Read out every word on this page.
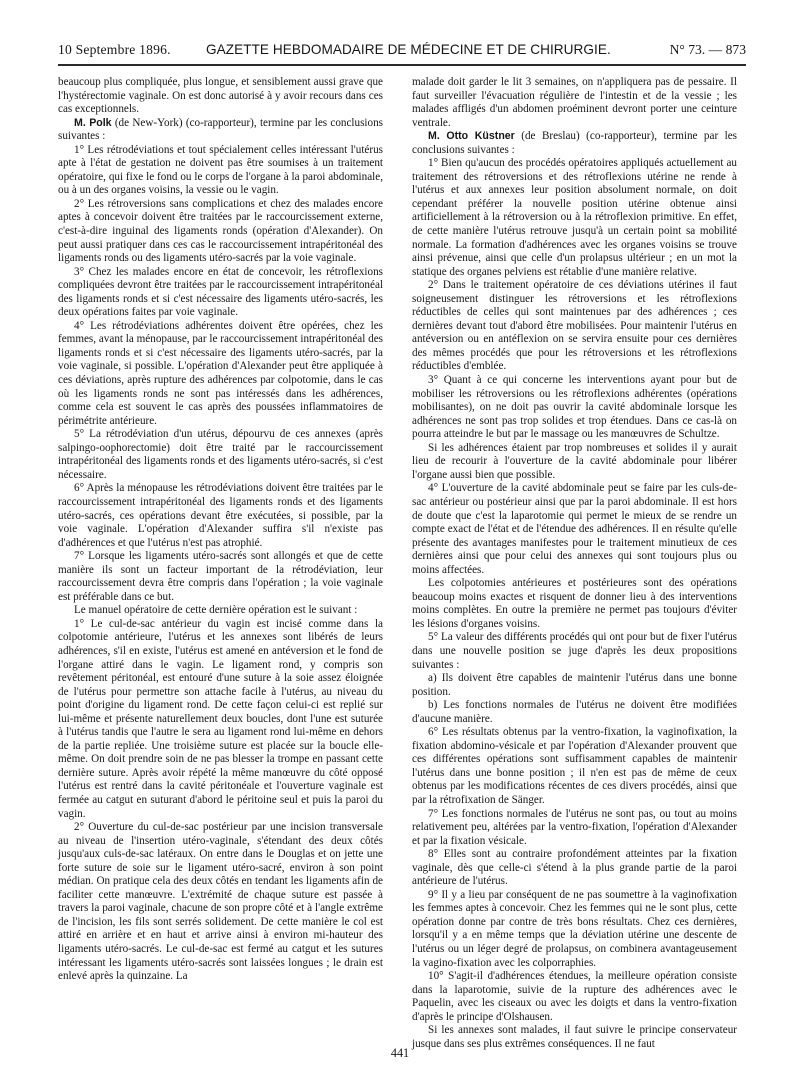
10 Septembre 1896.	GAZETTE HEBDOMADAIRE DE MÉDECINE ET DE CHIRURGIE.	N° 73. — 873

beaucoup plus compliquée, plus longue, et sensiblement aussi grave que l'hystérectomie vaginale. On est donc autorisé à y avoir recours dans ces cas exceptionnels.

M. Polk (de New-York) (co-rapporteur), termine par les conclusions suivantes :

1° Les rétrodéviations et tout spécialement celles intéressant l'utérus apte à l'état de gestation ne doivent pas être soumises à un traitement opératoire, qui fixe le fond ou le corps de l'organe à la paroi abdominale, ou à un des organes voisins, la vessie ou le vagin.

2° Les rétroversions sans complications et chez des malades encore aptes à concevoir doivent être traitées par le raccourcissement externe, c'est-à-dire inguinal des ligaments ronds (opération d'Alexander). On peut aussi pratiquer dans ces cas le raccourcissement intrapéritonéal des ligaments ronds ou des ligaments utéro-sacrés par la voie vaginale.

3° Chez les malades encore en état de concevoir, les rétroflexions compliquées devront être traitées par le raccourcissement intrapéritonéal des ligaments ronds et si c'est nécessaire des ligaments utéro-sacrés, les deux opérations faites par voie vaginale.

4° Les rétrodéviations adhérentes doivent être opérées, chez les femmes, avant la ménopause, par le raccourcissement intrapéritonéal des ligaments ronds et si c'est nécessaire des ligaments utéro-sacrés, par la voie vaginale, si possible. L'opération d'Alexander peut être appliquée à ces déviations, après rupture des adhérences par colpotomie, dans le cas où les ligaments ronds ne sont pas intéressés dans les adhérences, comme cela est souvent le cas après des poussées inflammatoires de périmétrite antérieure.

5° La rétrodéviation d'un utérus, dépourvu de ces annexes (après salpingo-oophorectomie) doit être traité par le raccourcissement intrapéritonéal des ligaments ronds et des ligaments utéro-sacrés, si c'est nécessaire.

6° Après la ménopause les rétrodéviations doivent être traitées par le raccourcissement intrapéritonéal des ligaments ronds et des ligaments utéro-sacrés, ces opérations devant être exécutées, si possible, par la voie vaginale. L'opération d'Alexander suffira s'il n'existe pas d'adhérences et que l'utérus n'est pas atrophié.

7° Lorsque les ligaments utéro-sacrés sont allongés et que de cette manière ils sont un facteur important de la rétrodéviation, leur raccourcissement devra être compris dans l'opération ; la voie vaginale est préférable dans ce but.

Le manuel opératoire de cette dernière opération est le suivant :

1° Le cul-de-sac antérieur du vagin est incisé comme dans la colpotomie antérieure, l'utérus et les annexes sont libérés de leurs adhérences, s'il en existe, l'utérus est amené en antéversion et le fond de l'organe attiré dans le vagin. Le ligament rond, y compris son revêtement péritonéal, est entouré d'une suture à la soie assez éloignée de l'utérus pour permettre son attache facile à l'utérus, au niveau du point d'origine du ligament rond. De cette façon celui-ci est replié sur lui-même et présente naturellement deux boucles, dont l'une est suturée à l'utérus tandis que l'autre le sera au ligament rond lui-même en dehors de la partie repliée. Une troisième suture est placée sur la boucle elle-même. On doit prendre soin de ne pas blesser la trompe en passant cette dernière suture. Après avoir répété la même manœuvre du côté opposé l'utérus est rentré dans la cavité péritonéale et l'ouverture vaginale est fermée au catgut en suturant d'abord le péritoine seul et puis la paroi du vagin.

2° Ouverture du cul-de-sac postérieur par une incision transversale au niveau de l'insertion utéro-vaginale, s'étendant des deux côtés jusqu'aux culs-de-sac latéraux. On entre dans le Douglas et on jette une forte suture de soie sur le ligament utéro-sacré, environ à son point médian. On pratique cela des deux côtés en tendant les ligaments afin de faciliter cette manœuvre. L'extrémité de chaque suture est passée à travers la paroi vaginale, chacune de son propre côté et à l'angle extrême de l'incision, les fils sont serrés solidement. De cette manière le col est attiré en arrière et en haut et arrive ainsi à environ mi-hauteur des ligaments utéro-sacrés. Le cul-de-sac est fermé au catgut et les sutures intéressant les ligaments utéro-sacrés sont laissées longues ; le drain est enlevé après la quinzaine. La

malade doit garder le lit 3 semaines, on n'appliquera pas de pessaire. Il faut surveiller l'évacuation régulière de l'intestin et de la vessie ; les malades affligés d'un abdomen proéminent devront porter une ceinture ventrale.

M. Otto Küstner (de Breslau) (co-rapporteur), termine par les conclusions suivantes :

1° Bien qu'aucun des procédés opératoires appliqués actuellement au traitement des rétroversions et des rétroflexions utérine ne rende à l'utérus et aux annexes leur position absolument normale, on doit cependant préférer la nouvelle position utérine obtenue ainsi artificiellement à la rétroversion ou à la rétroflexion primitive. En effet, de cette manière l'utérus retrouve jusqu'à un certain point sa mobilité normale. La formation d'adhérences avec les organes voisins se trouve ainsi prévenue, ainsi que celle d'un prolapsus ultérieur ; en un mot la statique des organes pelviens est rétablie d'une manière relative.

2° Dans le traitement opératoire de ces déviations utérines il faut soigneusement distinguer les rétroversions et les rétroflexions réductibles de celles qui sont maintenues par des adhérences ; ces dernières devant tout d'abord être mobilisées. Pour maintenir l'utérus en antéversion ou en antéflexion on se servira ensuite pour ces dernières des mêmes procédés que pour les rétroversions et les rétroflexions réductibles d'emblée.

3° Quant à ce qui concerne les interventions ayant pour but de mobiliser les rétroversions ou les rétroflexions adhérentes (opérations mobilisantes), on ne doit pas ouvrir la cavité abdominale lorsque les adhérences ne sont pas trop solides et trop étendues. Dans ce cas-là on pourra atteindre le but par le massage ou les manœuvres de Schultze.

Si les adhérences étaient par trop nombreuses et solides il y aurait lieu de recourir à l'ouverture de la cavité abdominale pour libérer l'organe aussi bien que possible.

4° L'ouverture de la cavité abdominale peut se faire par les culs-de-sac antérieur ou postérieur ainsi que par la paroi abdominale. Il est hors de doute que c'est la laparotomie qui permet le mieux de se rendre un compte exact de l'état et de l'étendue des adhérences. Il en résulte qu'elle présente des avantages manifestes pour le traitement minutieux de ces dernières ainsi que pour celui des annexes qui sont toujours plus ou moins affectées.

Les colpotomies antérieures et postérieures sont des opérations beaucoup moins exactes et risquent de donner lieu à des interventions moins complètes. En outre la première ne permet pas toujours d'éviter les lésions d'organes voisins.

5° La valeur des différents procédés qui ont pour but de fixer l'utérus dans une nouvelle position se juge d'après les deux propositions suivantes :

a) Ils doivent être capables de maintenir l'utérus dans une bonne position.

b) Les fonctions normales de l'utérus ne doivent être modifiées d'aucune manière.

6° Les résultats obtenus par la ventro-fixation, la vaginofixation, la fixation abdomino-vésicale et par l'opération d'Alexander prouvent que ces différentes opérations sont suffisamment capables de maintenir l'utérus dans une bonne position ; il n'en est pas de même de ceux obtenus par les modifications récentes de ces divers procédés, ainsi que par la rétrofixation de Sänger.

7° Les fonctions normales de l'utérus ne sont pas, ou tout au moins relativement peu, altérées par la ventro-fixation, l'opération d'Alexander et par la fixation vésicale.

8° Elles sont au contraire profondément atteintes par la fixation vaginale, dès que celle-ci s'étend à la plus grande partie de la paroi antérieure de l'utérus.

9° Il y a lieu par conséquent de ne pas soumettre à la vaginofixation les femmes aptes à concevoir. Chez les femmes qui ne le sont plus, cette opération donne par contre de très bons résultats. Chez ces dernières, lorsqu'il y a en même temps que la déviation utérine une descente de l'utérus ou un léger degré de prolapsus, on combinera avantageusement la vagino-fixation avec les colporraphies.

10° S'agit-il d'adhérences étendues, la meilleure opération consiste dans la laparotomie, suivie de la rupture des adhérences avec le Paquelin, avec les ciseaux ou avec les doigts et dans la ventro-fixation d'après le principe d'Olshausen.

Si les annexes sont malades, il faut suivre le principe conservateur jusque dans ses plus extrêmes conséquences. Il ne faut

441
